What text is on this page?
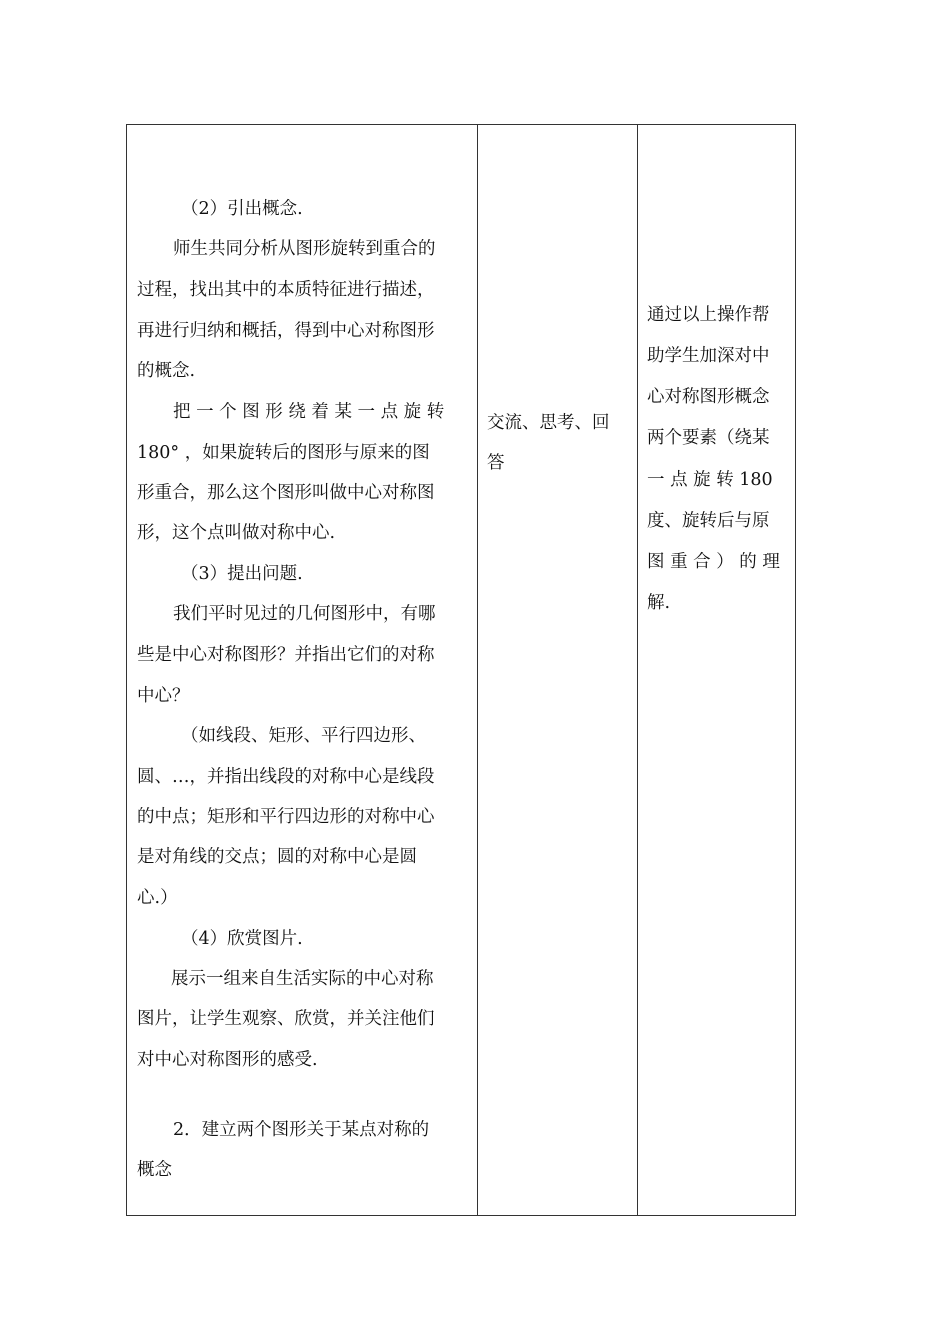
（2）引出概念.
师生共同分析从图形旋转到重合的
过程，找出其中的本质特征进行描述，
再进行归纳和概括，得到中心对称图形
的概念.
把 一 个 图 形 绕 着 某 一 点 旋 转
180° ，如果旋转后的图形与原来的图
形重合，那么这个图形叫做中心对称图
形，这个点叫做对称中心.
（3）提出问题.
我们平时见过的几何图形中，有哪
些是中心对称图形？并指出它们的对称
中心？
（如线段、矩形、平行四边形、
圆、…，并指出线段的对称中心是线段
的中点；矩形和平行四边形的对称中心
是对角线的交点；圆的对称中心是圆
心.）
（4）欣赏图片.
展示一组来自生活实际的中心对称
图片，让学生观察、欣赏，并关注他们
对中心对称图形的感受.
2．建立两个图形关于某点对称的
概念
交流、思考、回
答
通过以上操作帮
助学生加深对中
心对称图形概念
两个要素（绕某
一 点 旋 转 180
度、旋转后与原
图 重 合 ） 的 理
解.
